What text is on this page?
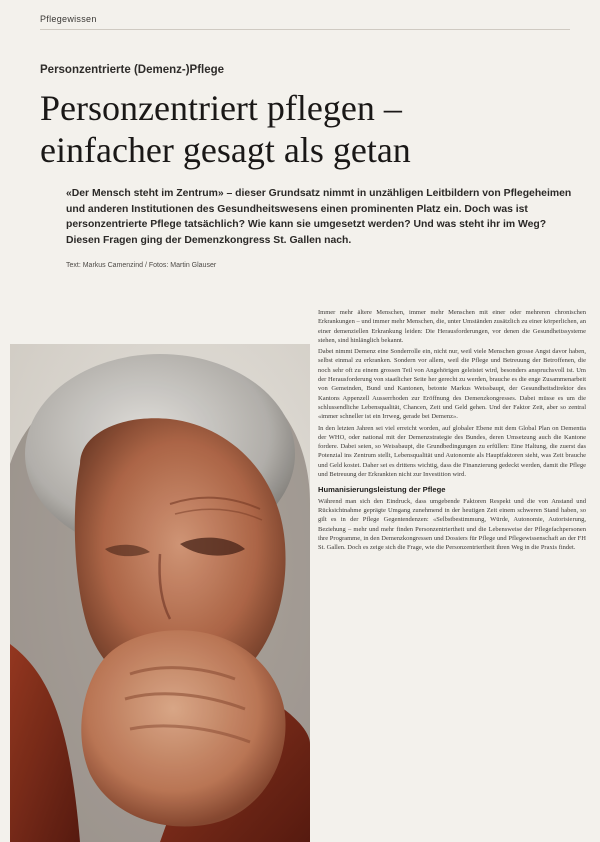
Pflegewissen
Personzentrierte (Demenz-)Pflege
Personzentriert pflegen –
einfacher gesagt als getan
«Der Mensch steht im Zentrum» – dieser Grundsatz nimmt in unzähligen Leitbildern von Pflegeheimen und anderen Institutionen des Gesundheitswesens einen prominenten Platz ein. Doch was ist personzentrierte Pflege tatsächlich? Wie kann sie umgesetzt werden? Und was steht ihr im Weg? Diesen Fragen ging der Demenzkongress St. Gallen nach.
Text: Markus Camenzind / Fotos: Martin Glauser

Immer mehr ältere Menschen, immer mehr Menschen mit einer oder mehreren chronischen Erkrankungen – und immer mehr Menschen, die, unter Umständen zusätzlich zu einer körperlichen, an einer demenziellen Erkrankung leiden: Die Herausforderungen, vor denen die Gesundheitssysteme stehen, sind hinlänglich bekannt.

Dabei nimmt Demenz eine Sonderrolle ein, nicht nur, weil viele Menschen grosse Angst davor haben, selbst einmal zu erkranken. Sondern vor allem, weil die Pflege und Betreuung der Betroffenen, die noch sehr oft zu einem grossen Teil von Angehörigen geleistet wird, besonders anspruchsvoll ist. Um der Herausforderung von staatlicher Seite her gerecht zu werden, brauche es die enge Zusammenarbeit von Gemeinden, Bund und Kantonen, betonte Markus Weissbaupt, der Gesundheitsdirektor des Kantons Appenzell Ausserrhoden zur Eröffnung des Demenzkongresses. Dabei müsse es um die schlussendliche Lebensqualität, Chancen, Zeit und Geld gehen. Und der Faktor Zeit, aber so zentral «immer schneller ist ein Irrweg, gerade bei Demenz».

In den letzten Jahren sei viel erreicht worden, auf globaler Ebene mit dem Global Plan on Dementia der WHO, oder national mit der Demenzstrategie des Bundes, deren Umsetzung auch die Kantone fordere. Dabei seien, so Weissbaupt, die Grundbedingungen zu erfüllen: Eine Haltung, die zuerst das Potenzial ins Zentrum stellt, Lebensqualität und Autonomie als Hauptfaktoren sieht, was Zeit brauche und Geld kostet. Daher sei es drittens wichtig, dass die Finanzierung gedeckt werden, damit die Pflege und Betreuung der Erkrankten nicht zur Investition wird.

Humanisierungsleistung der Pflege

Während man sich den Eindruck, dass umgebende Faktoren Respekt und die von Anstand und Rücksichtnahme geprägte Umgang zunehmend in der heutigen Zeit einem schweren Stand haben, so gilt es in der Pflege Gegentendenzen: «Selbstbestimmung, Würde, Autonomie, Autorisierung, Beziehung – mehr und mehr finden Personzentriertheit und die Lebensweise der Pflegefachpersonen ihre Programme, in den Demenzkongressen und Dossiers für Pflege und Pflegewissenschaft an der FH St. Gallen. Doch es zeige sich die Frage, wie die Personzentriertheit ihren Weg in die Praxis findet.
